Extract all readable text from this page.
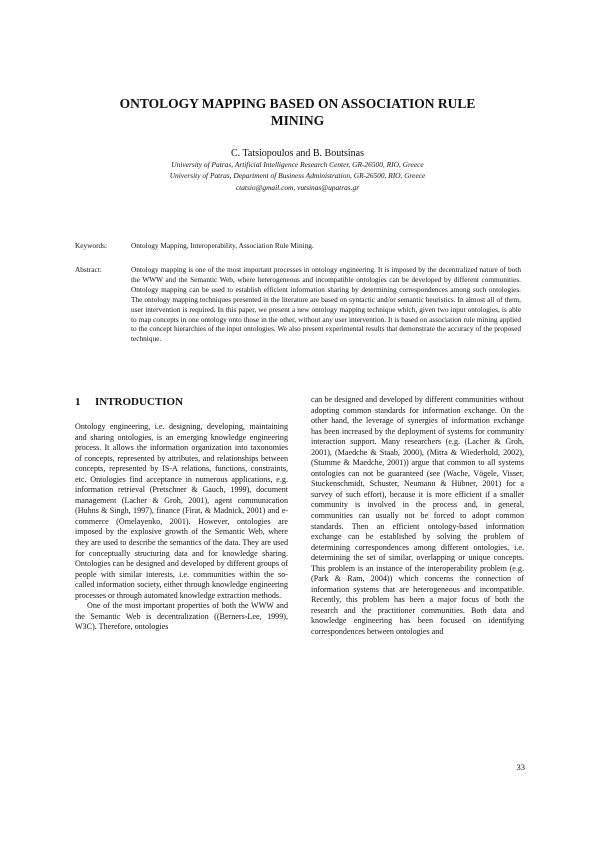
ONTOLOGY MAPPING BASED ON ASSOCIATION RULE MINING
C. Tatsiopoulos and B. Boutsinas
University of Patras, Artificial Intelligence Research Center, GR-26500, RIO, Greece
University of Patras, Department of Business Administration, GR-26500, RIO, Greece
ctatsio@gmail.com, vutsinas@upatras.gr
Keywords:	Ontology Mapping, Interoperability, Association Rule Mining.
Abstract:	Ontology mapping is one of the most important processes in ontology engineering. It is imposed by the decentralized nature of both the WWW and the Semantic Web, where heterogeneous and incompatible ontologies can be developed by different communities. Ontology mapping can be used to establish efficient information sharing by determining correspondences among such ontologies. The ontology mapping techniques presented in the literature are based on syntactic and/or semantic heuristics. In almost all of them, user intervention is required. In this paper, we present a new ontology mapping technique which, given two input ontologies, is able to map concepts in one ontology onto those in the other, without any user intervention. It is based on association rule mining applied to the concept hierarchies of the input ontologies. We also present experimental results that demonstrate the accuracy of the proposed technique.
1 INTRODUCTION

Ontology engineering, i.e. designing, developing, maintaining and sharing ontologies, is an emerging knowledge engineering process. It allows the information organization into taxonomies of concepts, represented by attributes, and relationships between concepts, represented by IS-A relations, functions, constraints, etc. Ontologies find acceptance in numerous applications, e.g. information retrieval (Pretschner & Gauch, 1999), document management (Lacher & Groh, 2001), agent communication (Huhns & Singh, 1997), finance (Firat, & Madnick, 2001) and e-commerce (Omelayenko, 2001). However, ontologies are imposed by the explosive growth of the Semantic Web, where they are used to describe the semantics of the data. They are used for conceptually structuring data and for knowledge sharing. Ontologies can be designed and developed by different groups of people with similar interests, i.e. communities within the so-called information society, either through knowledge engineering processes or through automated knowledge extraction methods.

One of the most important properties of both the WWW and the Semantic Web is decentralization ((Berners-Lee, 1999), W3C). Therefore, ontologies

can be designed and developed by different communities without adopting common standards for information exchange. On the other hand, the leverage of synergies of information exchange has been increased by the deployment of systems for community interaction support. Many researchers (e.g. (Lacher & Groh, 2001), (Maedche & Staab, 2000), (Mitra & Wiederhold, 2002), (Stumme & Maedche, 2001)) argue that common to all systems ontologies can not be guaranteed (see (Wache, Vögele, Visser, Stuckenschmidt, Schuster, Neumann & Hübner, 2001) for a survey of such effort), because it is more efficient if a smaller community is involved in the process and, in general, communities can usually not be forced to adopt common standards. Then an efficient ontology-based information exchange can be established by solving the problem of determining correspondences among different ontologies, i.e. determining the set of similar, overlapping or unique concepts. This problem is an instance of the interoperability problem (e.g. (Park & Ram, 2004)) which concerns the connection of information systems that are heterogeneous and incompatible. Recently, this problem has been a major focus of both the research and the practitioner communities. Both data and knowledge engineering has been focused on identifying correspondences between ontologies and

33
